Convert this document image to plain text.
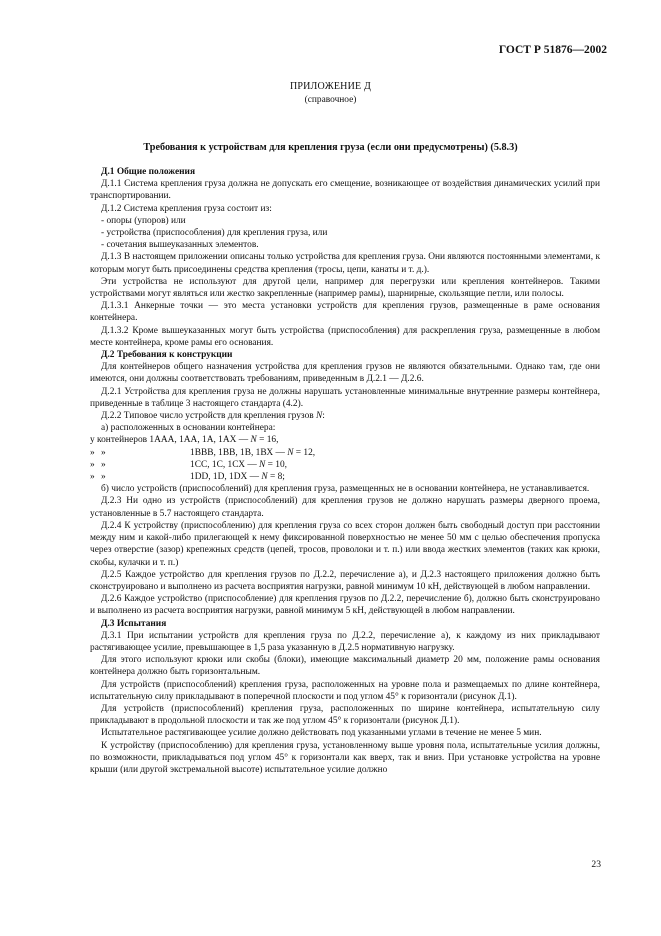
ГОСТ Р 51876—2002
ПРИЛОЖЕНИЕ Д
(справочное)
Требования к устройствам для крепления груза (если они предусмотрены) (5.8.3)

Д.1 Общие положения

Д.1.1 Система крепления груза должна не допускать его смещение, возникающее от воздействия динамических усилий при транспортировании.

Д.1.2 Система крепления груза состоит из:

- опоры (упоров) или

- устройства (приспособления) для крепления груза, или

- сочетания вышеуказанных элементов.

Д.1.3 В настоящем приложении описаны только устройства для крепления груза. Они являются постоянными элементами, к которым могут быть присоединены средства крепления (тросы, цепи, канаты и т. д.).

Эти устройства не используют для другой цели, например для перегрузки или крепления контейнеров. Такими устройствами могут являться или жестко закрепленные (например рамы), шарнирные, скользящие петли, или полосы.

Д.1.3.1 Анкерные точки — это места установки устройств для крепления грузов, размещенные в раме основания контейнера.

Д.1.3.2 Кроме вышеуказанных могут быть устройства (приспособления) для раскрепления груза, размещенные в любом месте контейнера, кроме рамы его основания.

Д.2 Требования к конструкции

Для контейнеров общего назначения устройства для крепления грузов не являются обязательными. Однако там, где они имеются, они должны соответствовать требованиям, приведенным в Д.2.1 — Д.2.6.

Д.2.1 Устройства для крепления груза не должны нарушать установленные минимальные внутренние размеры контейнера, приведенные в таблице 3 настоящего стандарта (4.2).

Д.2.2 Типовое число устройств для крепления грузов N:

а) расположенных в основании контейнера:

у контейнеров 1ААА, 1АА, 1А, 1АХ — N = 16,

» »	1ВВВ, 1ВВ, 1В, 1ВХ — N = 12,
» »	1СС, 1С, 1СХ — N = 10,
» »	1DD, 1D, 1DX — N = 8;

б) число устройств (приспособлений) для крепления груза, размещенных не в основании контейнера, не устанавливается.

Д.2.3 Ни одно из устройств (приспособлений) для крепления грузов не должно нарушать размеры дверного проема, установленные в 5.7 настоящего стандарта.

Д.2.4 К устройству (приспособлению) для крепления груза со всех сторон должен быть свободный доступ при расстоянии между ним и какой-либо прилегающей к нему фиксированной поверхностью не менее 50 мм с целью обеспечения пропуска через отверстие (зазор) крепежных средств (цепей, тросов, проволоки и т. п.) или ввода жестких элементов (таких как крюки, скобы, кулачки и т. п.)

Д.2.5 Каждое устройство для крепления грузов по Д.2.2, перечисление а), и Д.2.3 настоящего приложения должно быть сконструировано и выполнено из расчета восприятия нагрузки, равной минимум 10 кН, действующей в любом направлении.

Д.2.6 Каждое устройство (приспособление) для крепления грузов по Д.2.2, перечисление б), должно быть сконструировано и выполнено из расчета восприятия нагрузки, равной минимум 5 кН, действующей в любом направлении.

Д.3 Испытания

Д.3.1 При испытании устройств для крепления груза по Д.2.2, перечисление а), к каждому из них прикладывают растягивающее усилие, превышающее в 1,5 раза указанную в Д.2.5 нормативную нагрузку.

Для этого используют крюки или скобы (блоки), имеющие максимальный диаметр 20 мм, положение рамы основания контейнера должно быть горизонтальным.

Для устройств (приспособлений) крепления груза, расположенных на уровне пола и размещаемых по длине контейнера, испытательную силу прикладывают в поперечной плоскости и под углом 45° к горизонтали (рисунок Д.1).

Для устройств (приспособлений) крепления груза, расположенных по ширине контейнера, испытательную силу прикладывают в продольной плоскости и так же под углом 45° к горизонтали (рисунок Д.1).

Испытательное растягивающее усилие должно действовать под указанными углами в течение не менее 5 мин.

К устройству (приспособлению) для крепления груза, установленному выше уровня пола, испытательные усилия должны, по возможности, прикладываться под углом 45° к горизонтали как вверх, так и вниз. При установке устройства на уровне крыши (или другой экстремальной высоте) испытательное усилие должно

23
